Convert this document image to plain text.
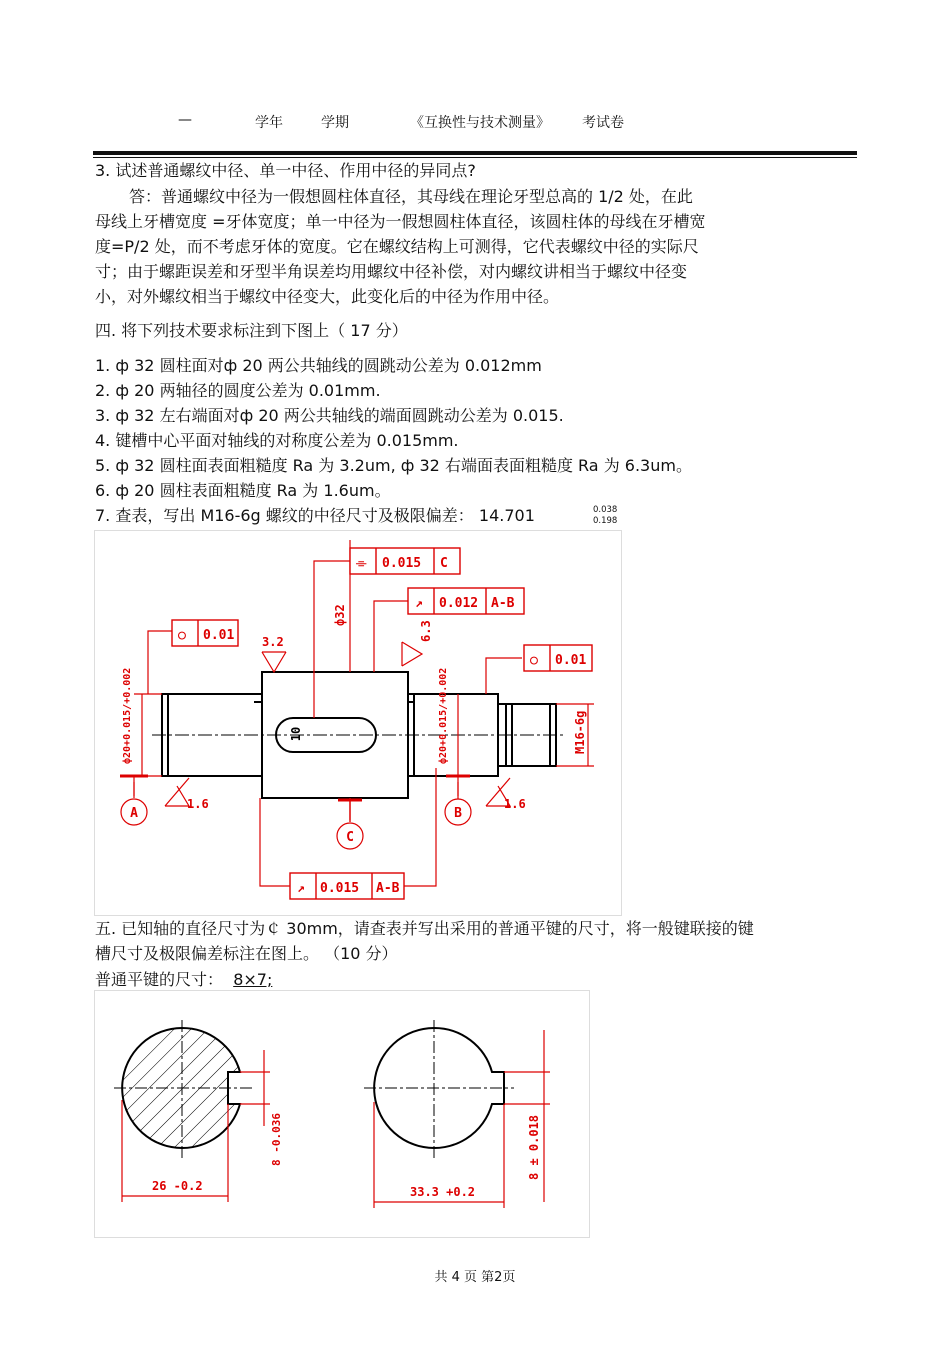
—	学年	学期	《互换性与技术测量》 考试卷
3. 试述普通螺纹中径、单一中径、作用中径的异同点?
答：普通螺纹中径为一假想圆柱体直径，其母线在理论牙型总高的 1/2 处，在此
母线上牙槽宽度 =牙体宽度；单一中径为一假想圆柱体直径，该圆柱体的母线在牙槽宽
度=P/2 处，而不考虑牙体的宽度。它在螺纹结构上可测得，它代表螺纹中径的实际尺
寸；由于螺距误差和牙型半角误差均用螺纹中径补偿，对内螺纹讲相当于螺纹中径变
小，对外螺纹相当于螺纹中径变大，此变化后的中径为作用中径。
四. 将下列技术要求标注到下图上（ 17 分）
1. ф 32 圆柱面对ф 20 两公共轴线的圆跳动公差为 0.012mm
2. ф 20 两轴径的圆度公差为 0.01mm.
3. ф 32 左右端面对ф 20 两公共轴线的端面圆跳动公差为 0.015.
4. 键槽中心平面对轴线的对称度公差为 0.015mm.
5. ф 32 圆柱面表面粗糙度 Ra 为 3.2um, ф 32 右端面表面粗糙度 Ra 为 6.3um。
6. ф 20 圆柱表面粗糙度 Ra 为 1.6um。
7. 查表，写出 M16-6g 螺纹的中径尺寸及极限偏差： 14.701	0.038
0.198
10
A	B
C
⌯ 0.015 C
↗ 0.012 A-B
○ 0.01
○ 0.01
↗ 0.015 A-B
3.2	6.3
1.6	1.6
ф32
ф20+0.015/+0.002	ф20+0.015/+0.002	M16-6g
五. 已知轴的直径尺寸为￠ 30mm，请查表并写出采用的普通平键的尺寸，将一般键联接的键
槽尺寸及极限偏差标注在图上。 （10 分）
普通平键的尺寸： 8×7;
8 -0.036
26 -0.2
8 ± 0.018
33.3 +0.2
共 4 页 第2页
